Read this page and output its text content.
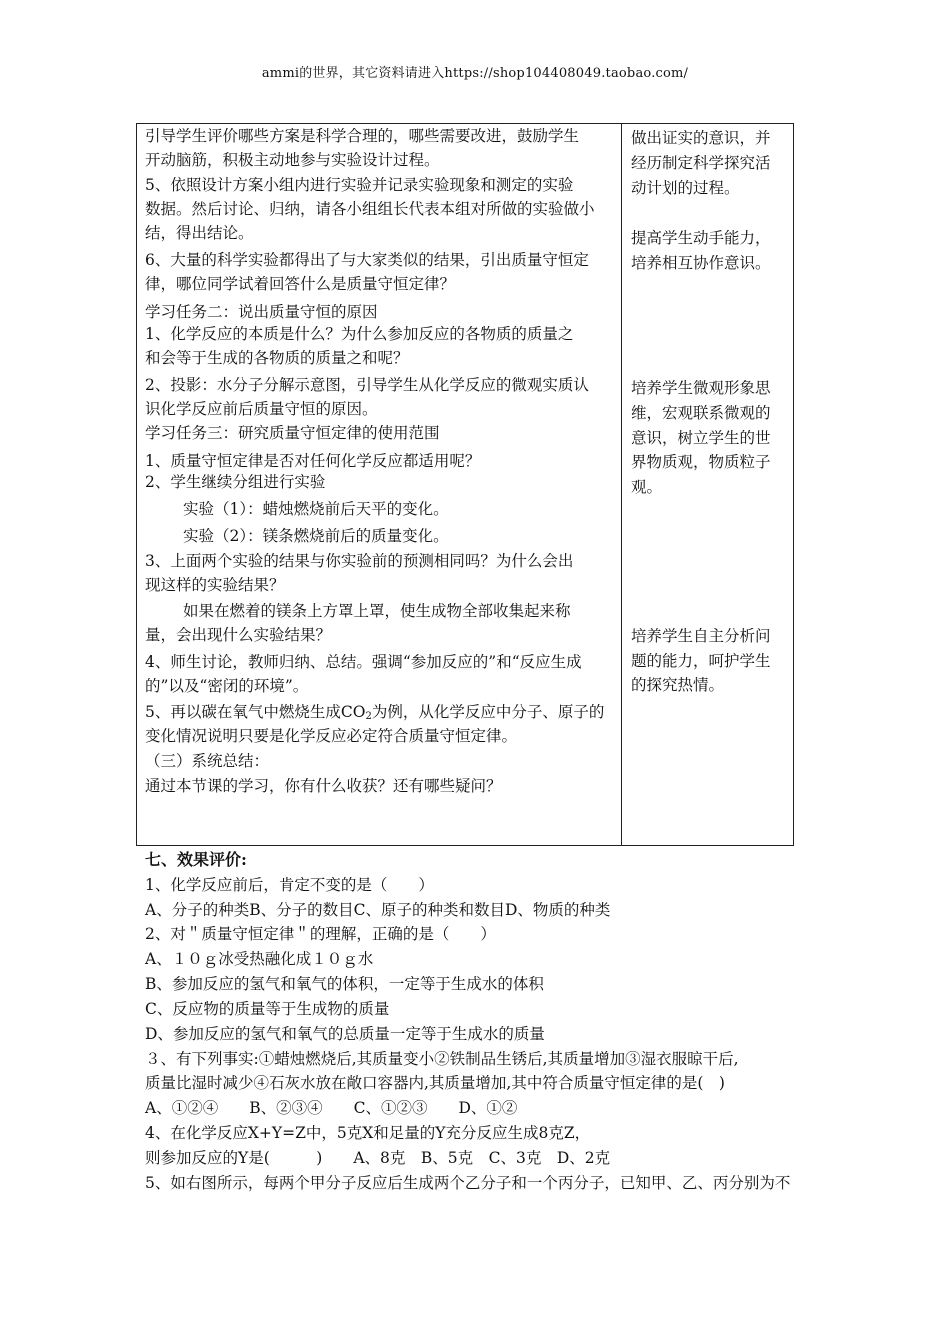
ammi的世界，其它资料请进入https://shop104408049.taobao.com/
引导学生评价哪些方案是科学合理的，哪些需要改进，鼓励学生
开动脑筋，积极主动地参与实验设计过程。
5、依照设计方案小组内进行实验并记录实验现象和测定的实验
数据。然后讨论、归纳，请各小组组长代表本组对所做的实验做小
结，得出结论。
6、大量的科学实验都得出了与大家类似的结果，引出质量守恒定
律，哪位同学试着回答什么是质量守恒定律？
学习任务二：说出质量守恒的原因
1、化学反应的本质是什么？为什么参加反应的各物质的质量之
和会等于生成的各物质的质量之和呢？
2、投影：水分子分解示意图，引导学生从化学反应的微观实质认
识化学反应前后质量守恒的原因。
学习任务三：研究质量守恒定律的使用范围
1、质量守恒定律是否对任何化学反应都适用呢？
2、学生继续分组进行实验
实验（1）：蜡烛燃烧前后天平的变化。
实验（2）：镁条燃烧前后的质量变化。
3、上面两个实验的结果与你实验前的预测相同吗？为什么会出
现这样的实验结果？
如果在燃着的镁条上方罩上罩，使生成物全部收集起来称
量，会出现什么实验结果？
4、师生讨论，教师归纳、总结。强调“参加反应的”和“反应生成
的”以及“密闭的环境”。
5、再以碳在氧气中燃烧生成$CO_2$为例，从化学反应中分子、原子的
变化情况说明只要是化学反应必定符合质量守恒定律。
（三）系统总结：
通过本节课的学习，你有什么收获？还有哪些疑问？
做出证实的意识，并
经历制定科学探究活
动计划的过程。
提高学生动手能力，
培养相互协作意识。
培养学生微观形象思
维，宏观联系微观的
意识，树立学生的世
界物质观，物质粒子
观。
培养学生自主分析问
题的能力，呵护学生
的探究热情。
七、效果评价:
1、化学反应前后，肯定不变的是（　　）
A、分子的种类B、分子的数目C、原子的种类和数目D、物质的种类
2、对＂质量守恒定律＂的理解，正确的是（　　）
A、１０ｇ冰受热融化成１０ｇ水
B、参加反应的氢气和氧气的体积，一定等于生成水的体积
C、反应物的质量等于生成物的质量
D、参加反应的氢气和氧气的总质量一定等于生成水的质量
３、有下列事实:①蜡烛燃烧后,其质量变小②铁制品生锈后,其质量增加③湿衣服晾干后,
质量比湿时减少④石灰水放在敞口容器内,其质量增加,其中符合质量守恒定律的是(　)
A、①②④　　B、②③④　　C、①②③　　D、①②
4、在化学反应X+Y=Z中，5克X和足量的Y充分反应生成8克Z，
则参加反应的Y是(　　　)　　A、8克　B、5克　C、3克　D、2克
5、如右图所示，每两个甲分子反应后生成两个乙分子和一个丙分子，已知甲、乙、丙分别为不
